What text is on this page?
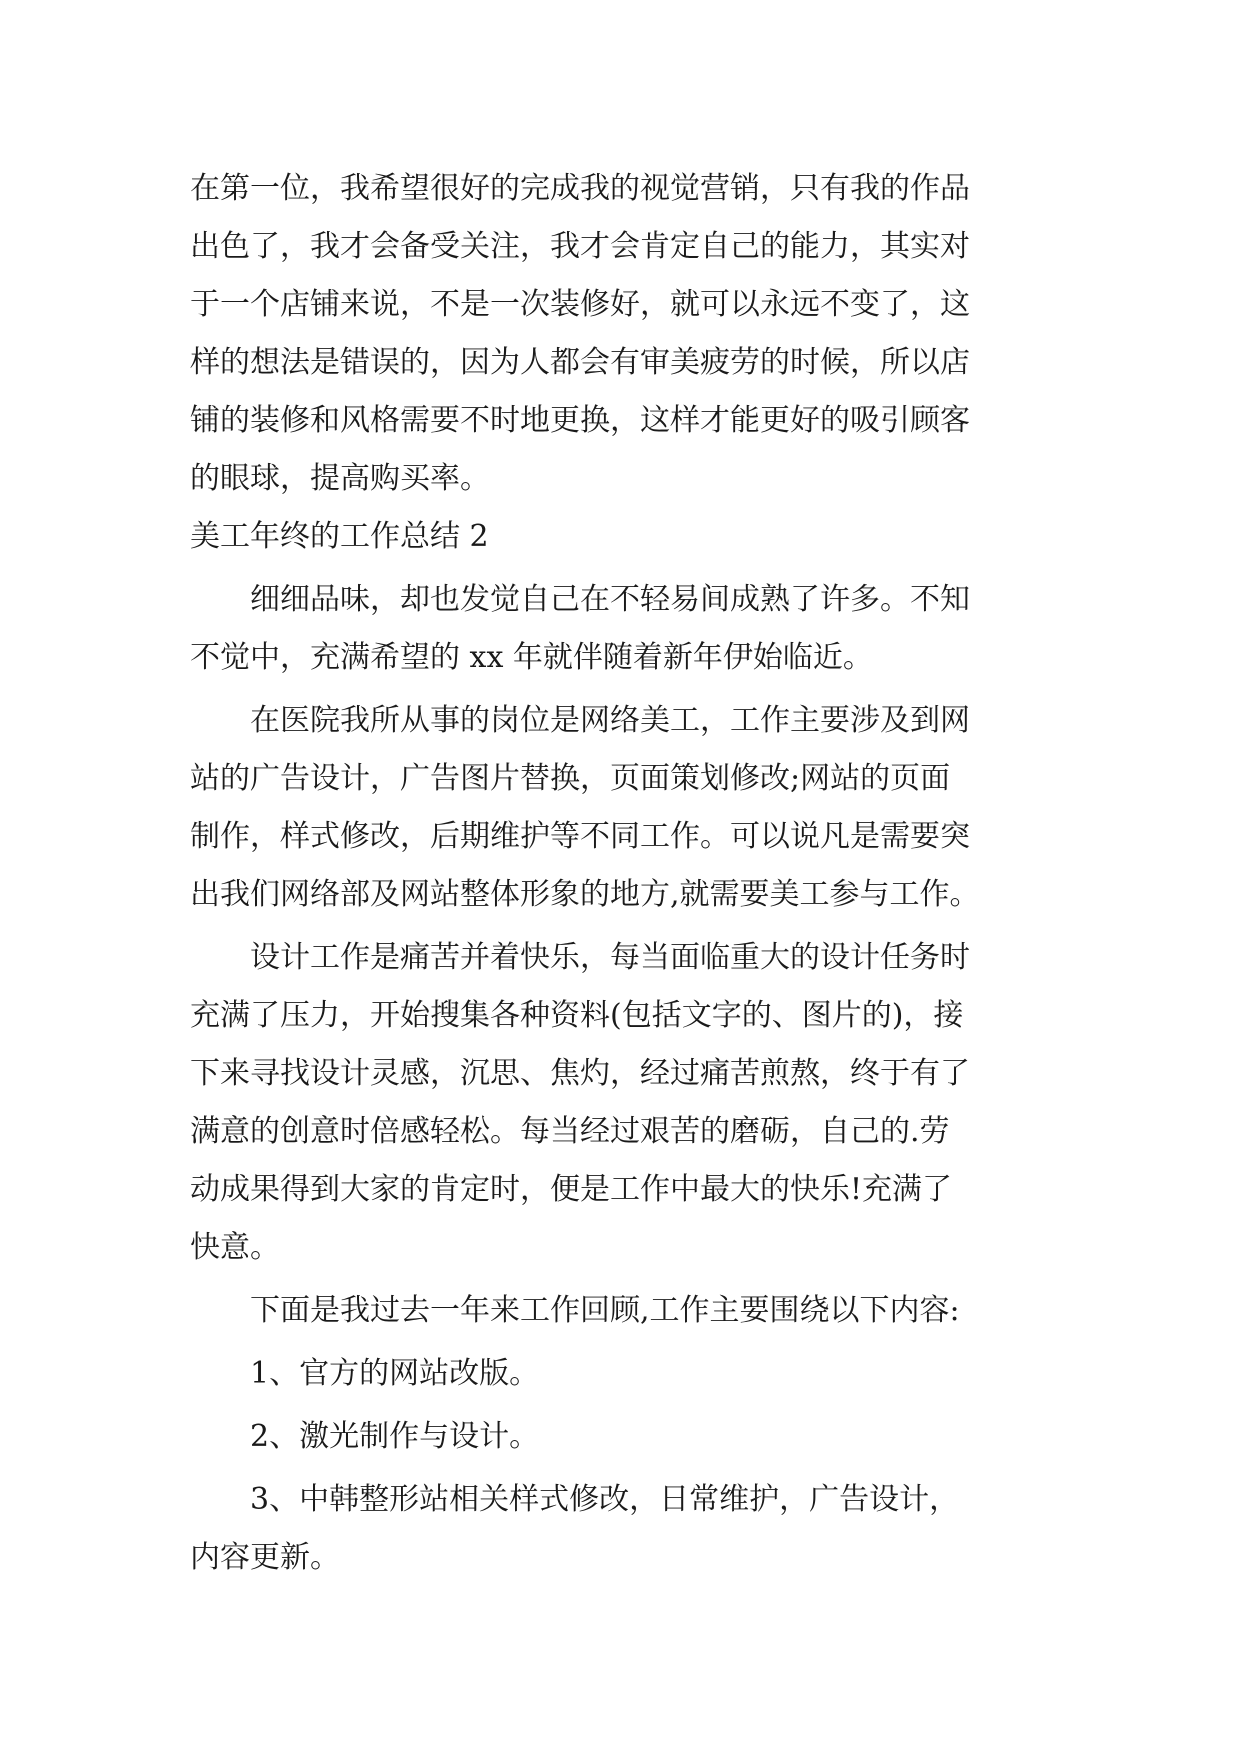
在第一位，我希望很好的完成我的视觉营销，只有我的作品
出色了，我才会备受关注，我才会肯定自己的能力，其实对
于一个店铺来说，不是一次装修好，就可以永远不变了，这
样的想法是错误的，因为人都会有审美疲劳的时候，所以店
铺的装修和风格需要不时地更换，这样才能更好的吸引顾客
的眼球，提高购买率。
美工年终的工作总结 2
细细品味，却也发觉自己在不轻易间成熟了许多。不知
不觉中，充满希望的 xx 年就伴随着新年伊始临近。
在医院我所从事的岗位是网络美工，工作主要涉及到网
站的广告设计，广告图片替换，页面策划修改;网站的页面
制作，样式修改，后期维护等不同工作。可以说凡是需要突
出我们网络部及网站整体形象的地方,就需要美工参与工作。
设计工作是痛苦并着快乐，每当面临重大的设计任务时
充满了压力，开始搜集各种资料(包括文字的、图片的)，接
下来寻找设计灵感，沉思、焦灼，经过痛苦煎熬，终于有了
满意的创意时倍感轻松。每当经过艰苦的磨砺，自己的.劳
动成果得到大家的肯定时，便是工作中最大的快乐!充满了
快意。
下面是我过去一年来工作回顾,工作主要围绕以下内容:
1、官方的网站改版。
2、激光制作与设计。
3、中韩整形站相关样式修改，日常维护，广告设计，
内容更新。
